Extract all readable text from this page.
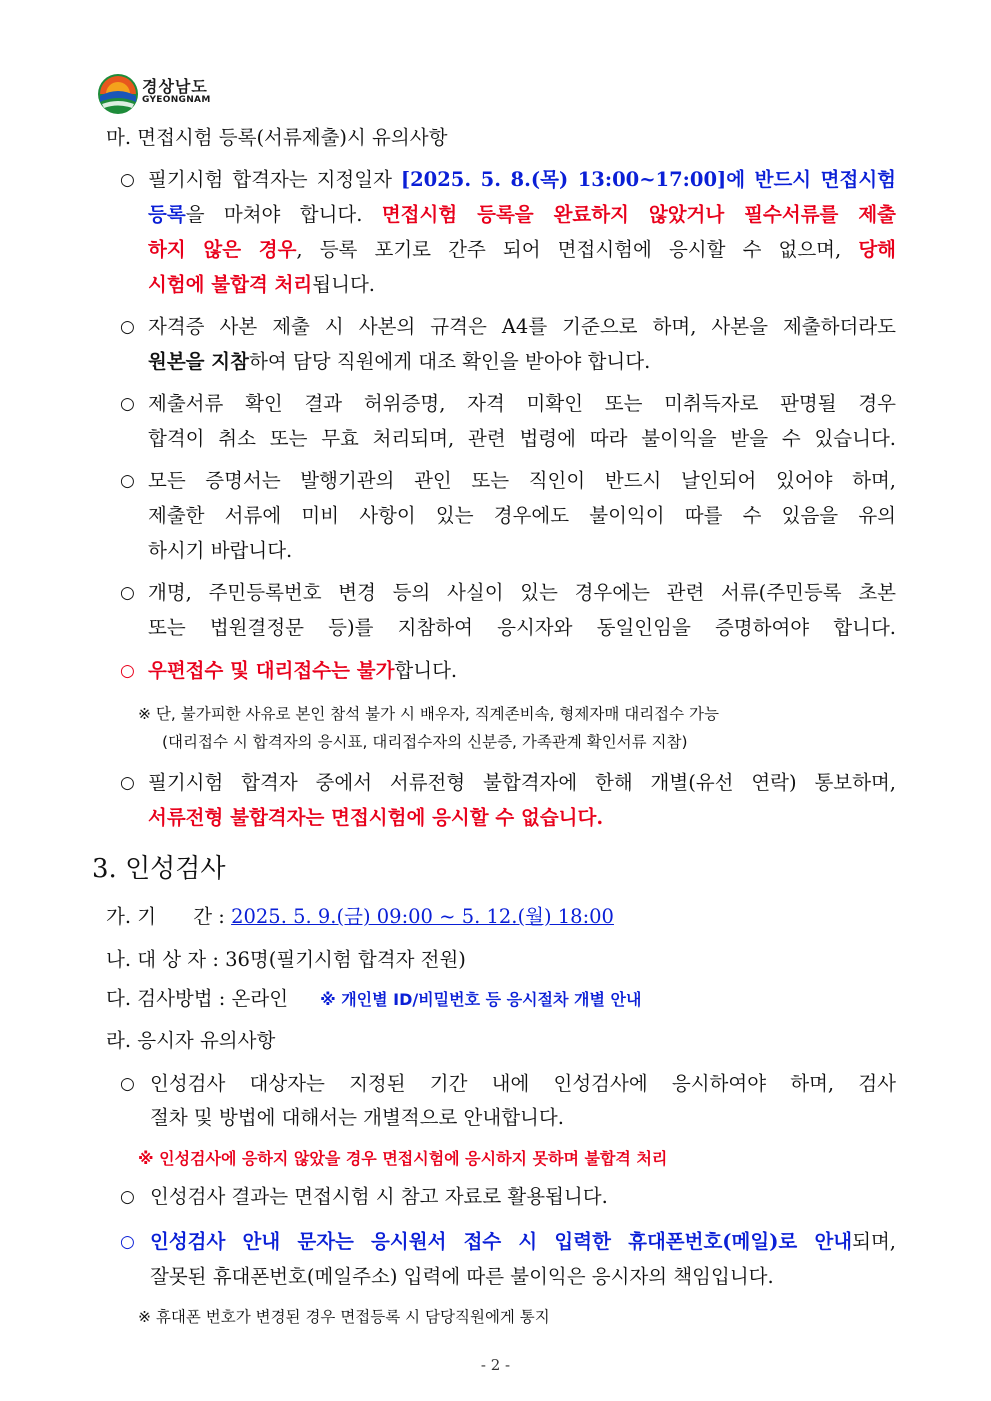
경상남도
GYEONGNAM
마. 면접시험 등록(서류제출)시 유의사항
○ 필기시험 합격자는 지정일자 [2025. 5. 8.(목) 13:00~17:00]에 반드시 면접시험
등록을 마쳐야 합니다. 면접시험 등록을 완료하지 않았거나 필수서류를 제출
하지 않은 경우, 등록 포기로 간주 되어 면접시험에 응시할 수 없으며, 당해
시험에 불합격 처리됩니다.
○ 자격증 사본 제출 시 사본의 규격은 A4를 기준으로 하며, 사본을 제출하더라도
원본을 지참하여 담당 직원에게 대조 확인을 받아야 합니다.
○ 제출서류 확인 결과 허위증명, 자격 미확인 또는 미취득자로 판명될 경우
합격이 취소 또는 무효 처리되며, 관련 법령에 따라 불이익을 받을 수 있습니다.
○ 모든 증명서는 발행기관의 관인 또는 직인이 반드시 날인되어 있어야 하며,
제출한 서류에 미비 사항이 있는 경우에도 불이익이 따를 수 있음을 유의
하시기 바랍니다.
○ 개명, 주민등록번호 변경 등의 사실이 있는 경우에는 관련 서류(주민등록 초본
또는 법원결정문 등)를 지참하여 응시자와 동일인임을 증명하여야 합니다.
○ 우편접수 및 대리접수는 불가합니다.
※ 단, 불가피한 사유로 본인 참석 불가 시 배우자, 직계존비속, 형제자매 대리접수 가능
(대리접수 시 합격자의 응시표, 대리접수자의 신분증, 가족관계 확인서류 지참)
○ 필기시험 합격자 중에서 서류전형 불합격자에 한해 개별(유선 연락) 통보하며,
서류전형 불합격자는 면접시험에 응시할 수 없습니다.
3. 인성검사
가. 기      간 : 2025. 5. 9.(금) 09:00 ~ 5. 12.(월) 18:00
나. 대 상 자 : 36명(필기시험 합격자 전원)
다. 검사방법 : 온라인 ※ 개인별 ID/비밀번호 등 응시절차 개별 안내
라. 응시자 유의사항
○ 인성검사 대상자는 지정된 기간 내에 인성검사에 응시하여야 하며, 검사
절차 및 방법에 대해서는 개별적으로 안내합니다.
※ 인성검사에 응하지 않았을 경우 면접시험에 응시하지 못하며 불합격 처리
○ 인성검사 결과는 면접시험 시 참고 자료로 활용됩니다.
○ 인성검사 안내 문자는 응시원서 접수 시 입력한 휴대폰번호(메일)로 안내되며,
잘못된 휴대폰번호(메일주소) 입력에 따른 불이익은 응시자의 책임입니다.
※ 휴대폰 번호가 변경된 경우 면접등록 시 담당직원에게 통지
- 2 -
